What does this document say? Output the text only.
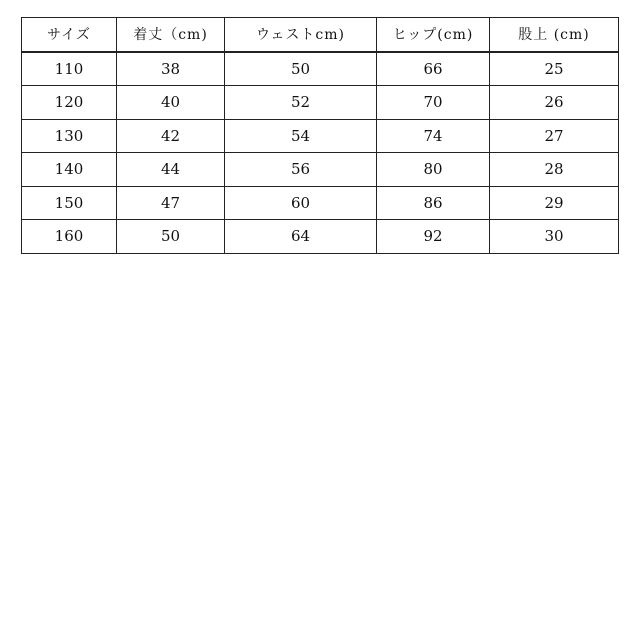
サイズ	着丈（cm)	ウェストcm)	ヒップ(cm)	股上 (cm)
110	38	50	66	25
120	40	52	70	26
130	42	54	74	27
140	44	56	80	28
150	47	60	86	29
160	50	64	92	30
